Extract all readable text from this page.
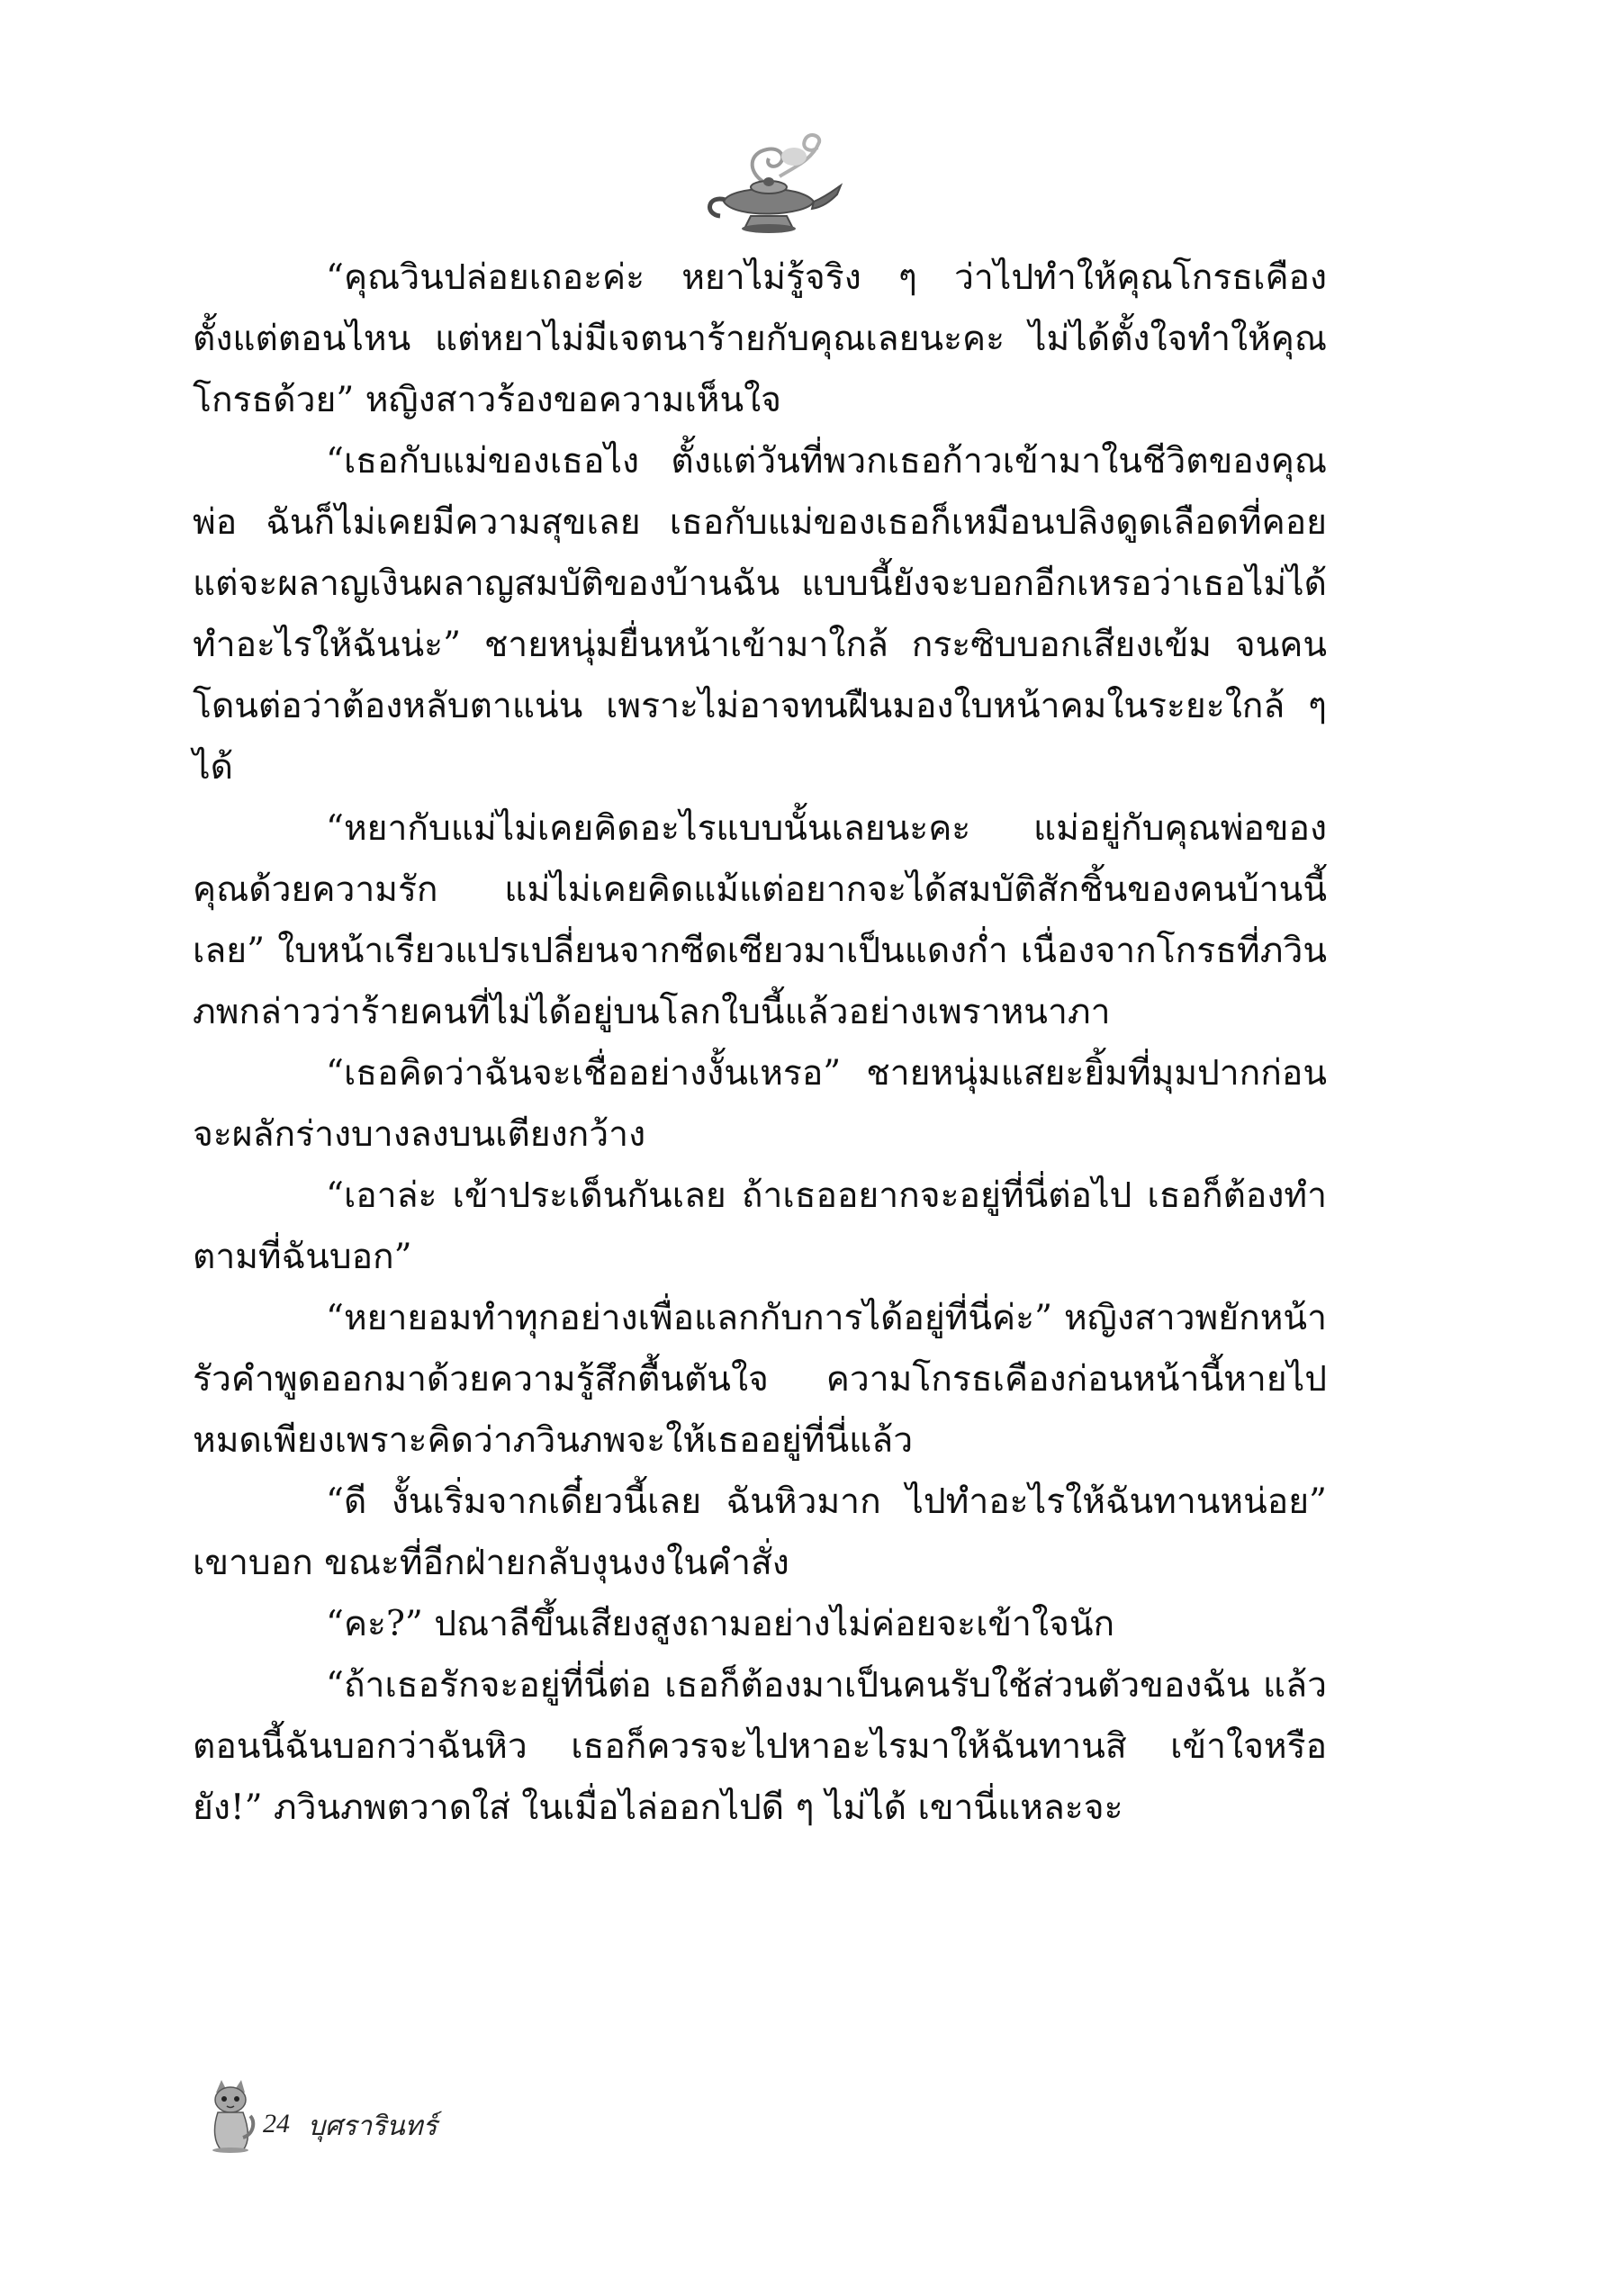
“คุณวินปล่อยเถอะค่ะ หยาไม่รู้จริง ๆ ว่าไปทำให้คุณโกรธเคืองตั้งแต่ตอนไหน แต่หยาไม่มีเจตนาร้ายกับคุณเลยนะคะ ไม่ได้ตั้งใจทำให้คุณโกรธด้วย” หญิงสาวร้องขอความเห็นใจ

“เธอกับแม่ของเธอไง ตั้งแต่วันที่พวกเธอก้าวเข้ามาในชีวิตของคุณพ่อ ฉันก็ไม่เคยมีความสุขเลย เธอกับแม่ของเธอก็เหมือนปลิงดูดเลือดที่คอยแต่จะผลาญเงินผลาญสมบัติของบ้านฉัน แบบนี้ยังจะบอกอีกเหรอว่าเธอไม่ได้ทำอะไรให้ฉันน่ะ” ชายหนุ่มยื่นหน้าเข้ามาใกล้ กระซิบบอกเสียงเข้ม จนคนโดนต่อว่าต้องหลับตาแน่น เพราะไม่อาจทนฝืนมองใบหน้าคมในระยะใกล้ ๆ ได้

“หยากับแม่ไม่เคยคิดอะไรแบบนั้นเลยนะคะ แม่อยู่กับคุณพ่อของคุณด้วยความรัก แม่ไม่เคยคิดแม้แต่อยากจะได้สมบัติสักชิ้นของคนบ้านนี้เลย” ใบหน้าเรียวแปรเปลี่ยนจากซีดเซียวมาเป็นแดงก่ำ เนื่องจากโกรธที่ภวินภพกล่าวว่าร้ายคนที่ไม่ได้อยู่บนโลกใบนี้แล้วอย่างเพราหนาภา

“เธอคิดว่าฉันจะเชื่ออย่างงั้นเหรอ” ชายหนุ่มแสยะยิ้มที่มุมปากก่อนจะผลักร่างบางลงบนเตียงกว้าง

“เอาล่ะ เข้าประเด็นกันเลย ถ้าเธออยากจะอยู่ที่นี่ต่อไป เธอก็ต้องทำตามที่ฉันบอก”

“หยายอมทำทุกอย่างเพื่อแลกกับการได้อยู่ที่นี่ค่ะ” หญิงสาวพยักหน้า รัวคำพูดออกมาด้วยความรู้สึกตื้นตันใจ ความโกรธเคืองก่อนหน้านี้หายไปหมดเพียงเพราะคิดว่าภวินภพจะให้เธออยู่ที่นี่แล้ว

“ดี งั้นเริ่มจากเดี๋ยวนี้เลย ฉันหิวมาก ไปทำอะไรให้ฉันทานหน่อย” เขาบอก ขณะที่อีกฝ่ายกลับงุนงงในคำสั่ง

“คะ?” ปณาลีขึ้นเสียงสูงถามอย่างไม่ค่อยจะเข้าใจนัก

“ถ้าเธอรักจะอยู่ที่นี่ต่อ เธอก็ต้องมาเป็นคนรับใช้ส่วนตัวของฉัน แล้วตอนนี้ฉันบอกว่าฉันหิว เธอก็ควรจะไปหาอะไรมาให้ฉันทานสิ เข้าใจหรือยัง!” ภวินภพตวาดใส่ ในเมื่อไล่ออกไปดี ๆ ไม่ได้ เขานี่แหละจะ

24 บุศรารินทร์
